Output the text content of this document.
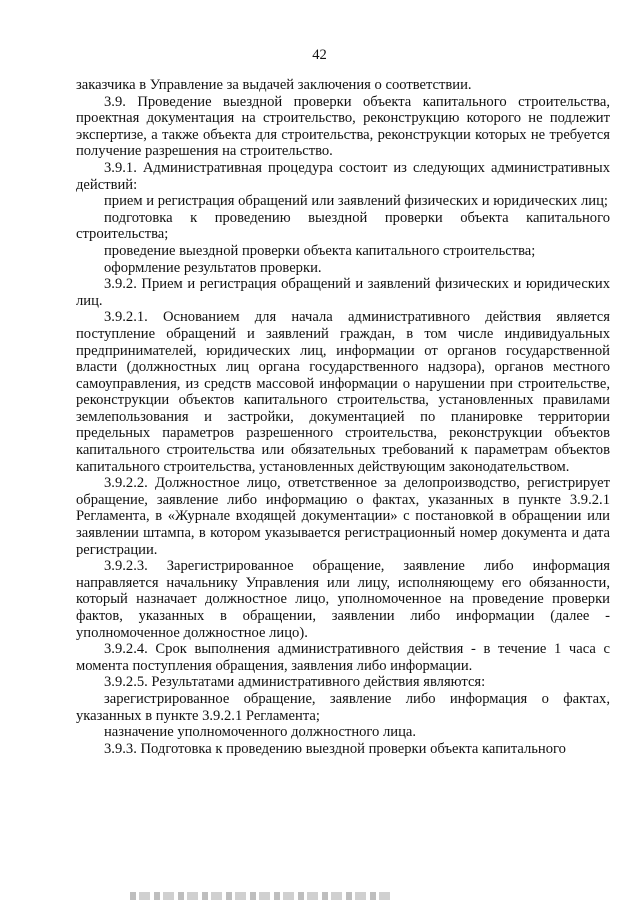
42

заказчика в Управление за выдачей заключения о соответствии.

3.9. Проведение выездной проверки объекта капитального строительства, проектная документация на строительство, реконструкцию которого не подлежит экспертизе, а также объекта для строительства, реконструкции которых не требуется получение разрешения на строительство.

3.9.1. Административная процедура состоит из следующих административных действий:

прием и регистрация обращений или заявлений физических и юридических лиц;

подготовка к проведению выездной проверки объекта капитального строительства;

проведение выездной проверки объекта капитального строительства;

оформление результатов проверки.

3.9.2. Прием и регистрация обращений и заявлений физических и юридических лиц.

3.9.2.1. Основанием для начала административного действия является поступление обращений и заявлений граждан, в том числе индивидуальных предпринимателей, юридических лиц, информации от органов государственной власти (должностных лиц органа государственного надзора), органов местного самоуправления, из средств массовой информации о нарушении при строительстве, реконструкции объектов капитального строительства, установленных правилами землепользования и застройки, документацией по планировке территории предельных параметров разрешенного строительства, реконструкции объектов капитального строительства или обязательных требований к параметрам объектов капитального строительства, установленных действующим законодательством.

3.9.2.2. Должностное лицо, ответственное за делопроизводство, регистрирует обращение, заявление либо информацию о фактах, указанных в пункте 3.9.2.1 Регламента, в «Журнале входящей документации» с постановкой в обращении или заявлении штампа, в котором указывается регистрационный номер документа и дата регистрации.

3.9.2.3. Зарегистрированное обращение, заявление либо информация направляется начальнику Управления или лицу, исполняющему его обязанности, который назначает должностное лицо, уполномоченное на проведение проверки фактов, указанных в обращении, заявлении либо информации (далее - уполномоченное должностное лицо).

3.9.2.4. Срок выполнения административного действия - в течение 1 часа с момента поступления обращения, заявления либо информации.

3.9.2.5. Результатами административного действия являются:

зарегистрированное обращение, заявление либо информация о фактах, указанных в пункте 3.9.2.1 Регламента;

назначение уполномоченного должностного лица.

3.9.3. Подготовка к проведению выездной проверки объекта капитального
